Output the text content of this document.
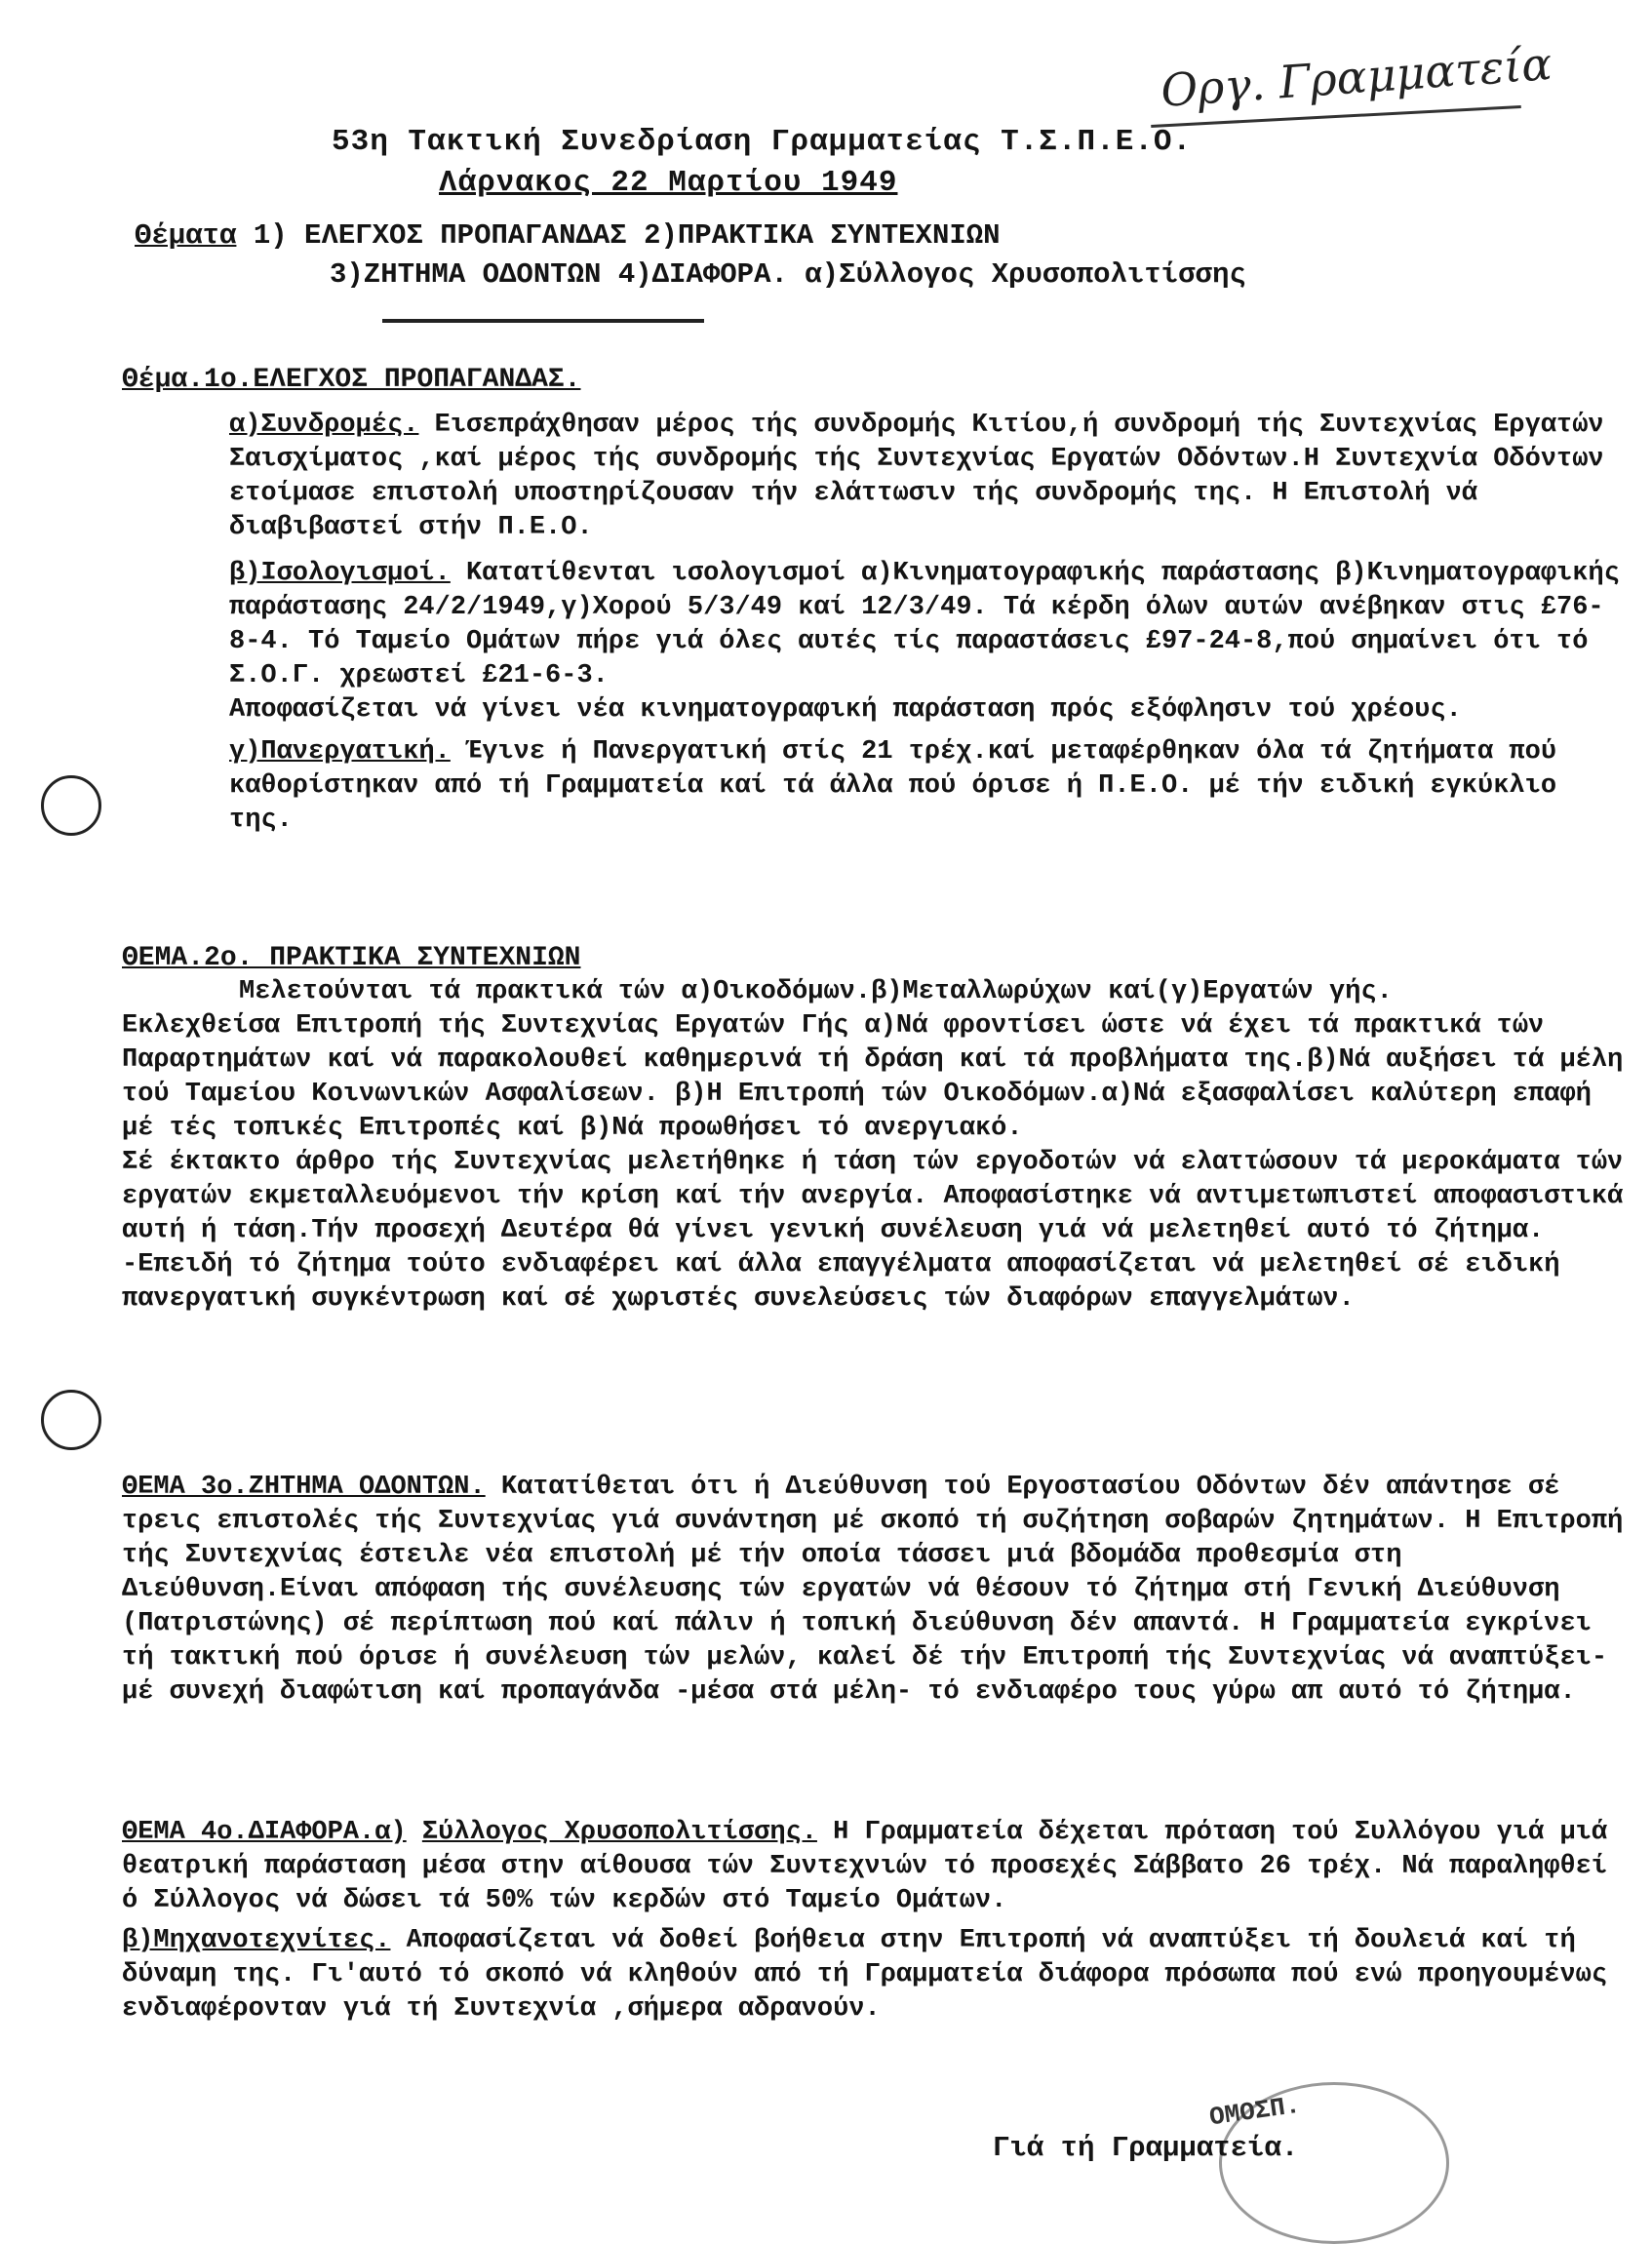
Οργ. Γραμματεία
53η Τακτική Συνεδρίαση Γραμματείας Τ.Σ.Π.Ε.Ο.
Λάρνακος 22 Μαρτίου 1949
Θέματα 1) ΕΛΕΓΧΟΣ ΠΡΟΠΑΓΑΝΔΑΣ 2)ΠΡΑΚΤΙΚΑ ΣΥΝΤΕΧΝΙΩΝ
3)ΖΗΤΗΜΑ ΟΔΟΝΤΩΝ 4)ΔΙΑΦΟΡΑ. α)Σύλλογος Χρυσοπολιτίσσης
Θέμα.1ο.ΕΛΕΓΧΟΣ ΠΡΟΠΑΓΑΝΔΑΣ.

α)Συνδρομές. Εισεπράχθησαν μέρος τής συνδρομής Κιτίου,ή συνδρομή τής Συντεχνίας Εργατών Σαισχίματος ,καί μέρος τής συνδρομής τής Συντεχνίας Εργατών Οδόντων.Η Συντεχνία Οδόντων ετοίμασε επιστολή υποστηρίζουσαν τήν ελάττωσιν τής συνδρομής της. Η Επιστολή νά διαβιβαστεί στήν Π.Ε.Ο.

β)Ισολογισμοί. Κατατίθενται ισολογισμοί α)Κινηματογραφικής παράστασης β)Κινηματογραφικής παράστασης 24/2/1949,γ)Χορού 5/3/49 καί 12/3/49. Τά κέρδη όλων αυτών ανέβηκαν στις £76-8-4. Τό Ταμείο Ομάτων πήρε γιά όλες αυτές τίς παραστάσεις £97-24-8,πού σημαίνει ότι τό Σ.Ο.Γ. χρεωστεί £21-6-3.

Αποφασίζεται νά γίνει νέα κινηματογραφική παράσταση πρός εξόφλησιν τού χρέους.

γ)Πανεργατική. Έγινε ή Πανεργατική στίς 21 τρέχ.καί μεταφέρθηκαν όλα τά ζητήματα πού καθορίστηκαν από τή Γραμματεία καί τά άλλα πού όρισε ή Π.Ε.Ο. μέ τήν ειδική εγκύκλιο της.

ΘΕΜΑ.2ο. ΠΡΑΚΤΙΚΑ ΣΥΝΤΕΧΝΙΩΝ

Μελετούνται τά πρακτικά τών α)Οικοδόμων.β)Μεταλλωρύχων καί(γ)Εργατών γής.

Εκλεχθείσα Επιτροπή τής Συντεχνίας Εργατών Γής α)Νά φροντίσει ώστε νά έχει τά πρακτικά τών Παραρτημάτων καί νά παρακολουθεί καθημερινά τή δράση καί τά προβλήματα της.β)Νά αυξήσει τά μέλη τού Ταμείου Κοινωνικών Ασφαλίσεων. β)Η Επιτροπή τών Οικοδόμων.α)Νά εξασφαλίσει καλύτερη επαφή μέ τές τοπικές Επιτροπές καί β)Νά προωθήσει τό ανεργιακό.

Σέ έκτακτο άρθρο τής Συντεχνίας μελετήθηκε ή τάση τών εργοδοτών νά ελαττώσουν τά μεροκάματα τών εργατών εκμεταλλευόμενοι τήν κρίση καί τήν ανεργία. Αποφασίστηκε νά αντιμετωπιστεί αποφασιστικά αυτή ή τάση.Τήν προσεχή Δευτέρα θά γίνει γενική συνέλευση γιά νά μελετηθεί αυτό τό ζήτημα.

-Επειδή τό ζήτημα τούτο ενδιαφέρει καί άλλα επαγγέλματα αποφασίζεται νά μελετηθεί σέ ειδική πανεργατική συγκέντρωση καί σέ χωριστές συνελεύσεις τών διαφόρων επαγγελμάτων.

ΘΕΜΑ 3ο.ΖΗΤΗΜΑ ΟΔΟΝΤΩΝ. Κατατίθεται ότι ή Διεύθυνση τού Εργοστασίου Οδόντων δέν απάντησε σέ τρεις επιστολές τής Συντεχνίας γιά συνάντηση μέ σκοπό τή συζήτηση σοβαρών ζητημάτων. Η Επιτροπή τής Συντεχνίας έστειλε νέα επιστολή μέ τήν οποία τάσσει μιά βδομάδα προθεσμία στη Διεύθυνση.Είναι απόφαση τής συνέλευσης τών εργατών νά θέσουν τό ζήτημα στή Γενική Διεύθυνση (Πατριστώνης) σέ περίπτωση πού καί πάλιν ή τοπική διεύθυνση δέν απαντά. Η Γραμματεία εγκρίνει τή τακτική πού όρισε ή συνέλευση τών μελών, καλεί δέ τήν Επιτροπή τής Συντεχνίας νά αναπτύξει-μέ συνεχή διαφώτιση καί προπαγάνδα -μέσα στά μέλη- τό ενδιαφέρο τους γύρω απ αυτό τό ζήτημα.

ΘΕΜΑ 4ο.ΔΙΑΦΟΡΑ.α) Σύλλογος Χρυσοπολιτίσσης. Η Γραμματεία δέχεται πρόταση τού Συλλόγου γιά μιά θεατρική παράσταση μέσα στην αίθουσα τών Συντεχνιών τό προσεχές Σάββατο 26 τρέχ. Νά παραληφθεί ό Σύλλογος νά δώσει τά 50% τών κερδών στό Ταμείο Ομάτων.

β)Μηχανοτεχνίτες. Αποφασίζεται νά δοθεί βοήθεια στην Επιτροπή νά αναπτύξει τή δουλειά καί τή δύναμη της. Γι'αυτό τό σκοπό νά κληθούν από τή Γραμματεία διάφορα πρόσωπα πού ενώ προηγουμένως ενδιαφέρονταν γιά τή Συντεχνία ,σήμερα αδρανούν.

ΟΜΟΣΠ.
Γιά τή Γραμματεία.
